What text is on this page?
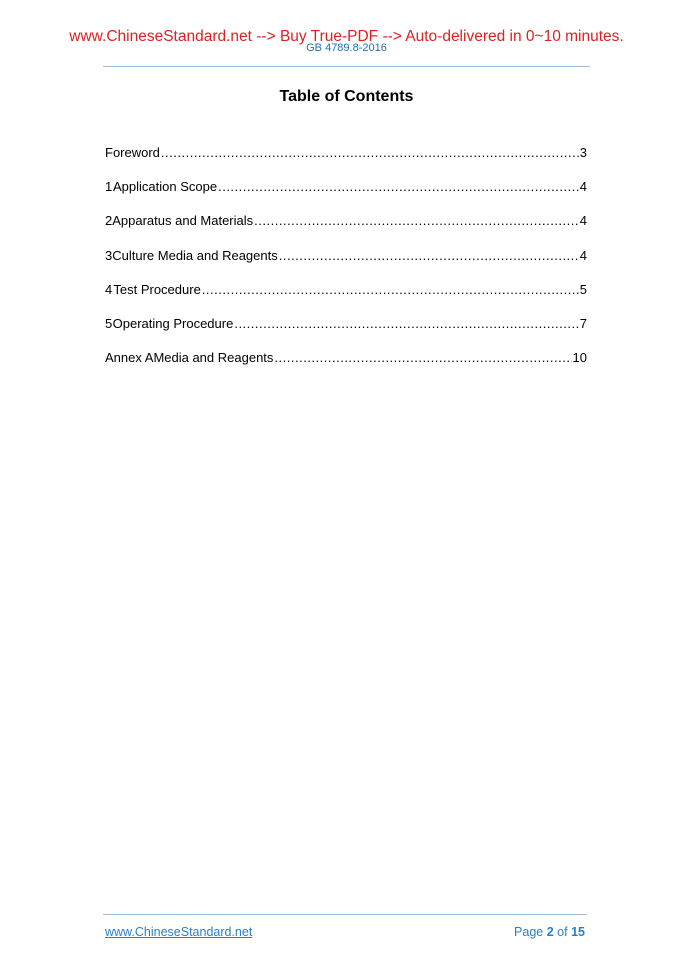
www.ChineseStandard.net --> Buy True-PDF --> Auto-delivered in 0~10 minutes.
GB 4789.8-2016
Table of Contents
Foreword .....	3
1 Application Scope .....	4
2 Apparatus and Materials .....	4
3 Culture Media and Reagents .....	4
4 Test Procedure .....	5
5 Operating Procedure .....	7
Annex A Media and Reagents .....	10
www.ChineseStandard.net	Page 2 of 15
